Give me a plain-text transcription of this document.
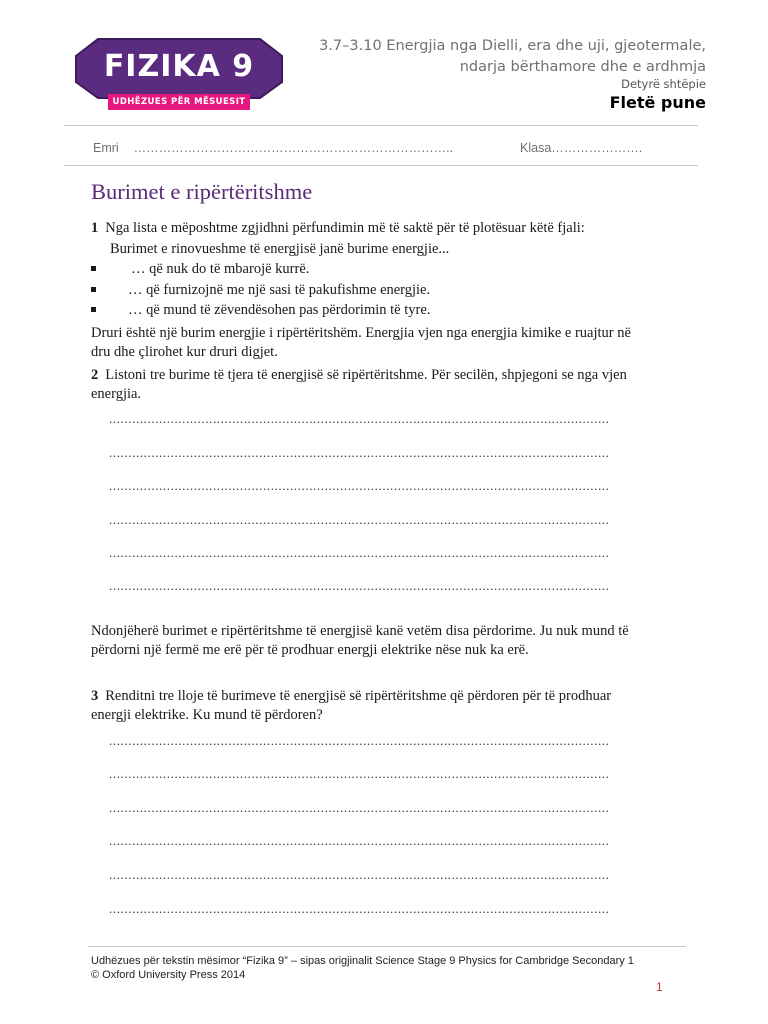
FIZIKA 9
UDHËZUES PËR MËSUESIT
3.7–3.10 Energjia nga Dielli, era dhe uji, gjeotermale,
ndarja bërthamore dhe e ardhmja
Detyrë shtëpie
Fletë pune
Emri …………………………………………………………………..	Klasa………………….
Burimet e ripërtëritshme
1 Nga lista e mëposhtme zgjidhni përfundimin më të saktë për të plotësuar këtë fjali:
Burimet e rinovueshme të energjisë janë burime energjie...
… që nuk do të mbarojë kurrë.
… që furnizojnë me një sasi të pakufishme energjie.
… që mund të zëvendësohen pas përdorimin të tyre.
Druri është një burim energjie i ripërtëritshëm. Energjia vjen nga energjia kimike e ruajtur në dru dhe çlirohet kur druri digjet.
2 Listoni tre burime të tjera të energjisë së ripërtëritshme. Për secilën, shpjegoni se nga vjen energjia.
..................................................................................................................................
..................................................................................................................................
..................................................................................................................................
..................................................................................................................................
..................................................................................................................................
..................................................................................................................................
Ndonjëherë burimet e ripërtëritshme të energjisë kanë vetëm disa përdorime. Ju nuk mund të përdorni një fermë me erë për të prodhuar energji elektrike nëse nuk ka erë.
3 Renditni tre lloje të burimeve të energjisë së ripërtëritshme që përdoren për të prodhuar energji elektrike. Ku mund të përdoren?
..................................................................................................................................
..................................................................................................................................
..................................................................................................................................
..................................................................................................................................
..................................................................................................................................
..................................................................................................................................
Udhëzues për tekstin mësimor “Fizika 9” – sipas origjinalit Science Stage 9 Physics for Cambridge Secondary 1
© Oxford University Press 2014
1
